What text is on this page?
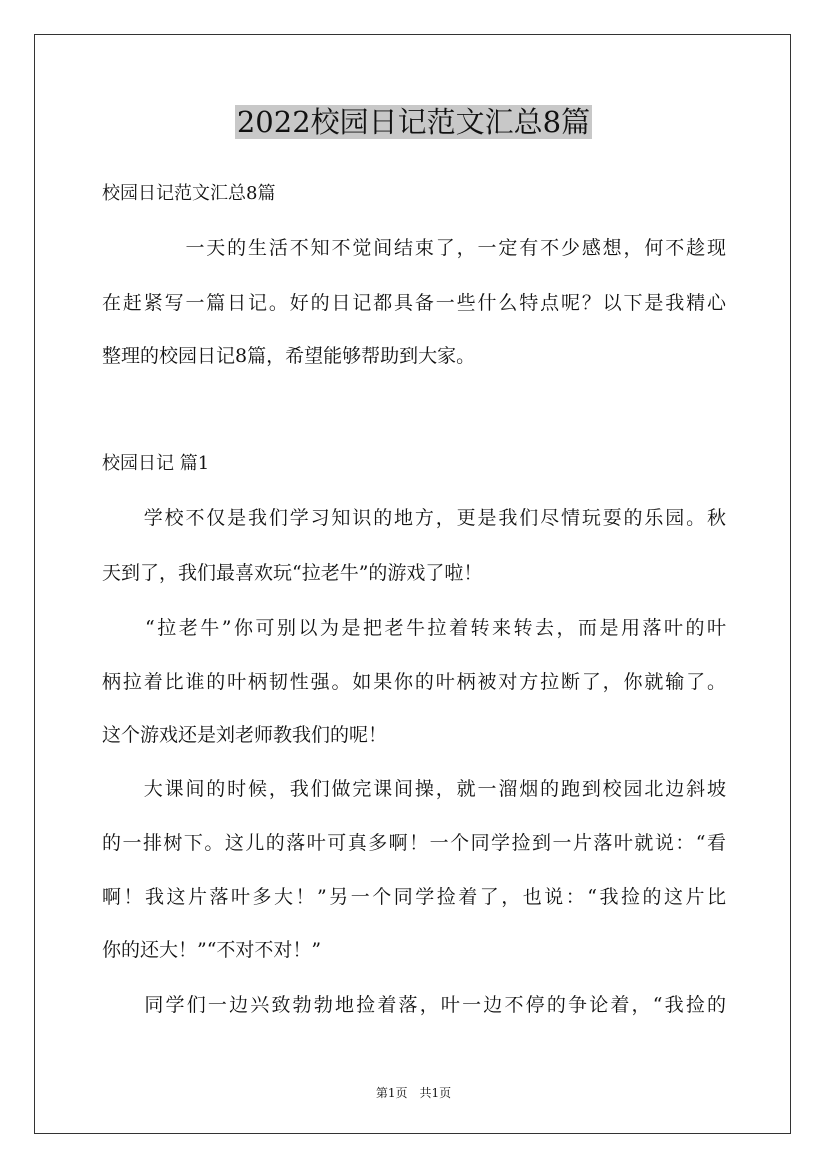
2022校园日记范文汇总8篇
校园日记范文汇总8篇
　　　　一天的生活不知不觉间结束了，一定有不少感想，何不趁现
在赶紧写一篇日记。好的日记都具备一些什么特点呢？以下是我精心
整理的校园日记8篇，希望能够帮助到大家。
校园日记 篇1
　　学校不仅是我们学习知识的地方，更是我们尽情玩耍的乐园。秋
天到了，我们最喜欢玩“拉老牛”的游戏了啦！
　　“拉老牛”你可别以为是把老牛拉着转来转去，而是用落叶的叶
柄拉着比谁的叶柄韧性强。如果你的叶柄被对方拉断了，你就输了。
这个游戏还是刘老师教我们的呢！
　　大课间的时候，我们做完课间操，就一溜烟的跑到校园北边斜坡
的一排树下。这儿的落叶可真多啊！一个同学捡到一片落叶就说：“看
啊！我这片落叶多大！”另一个同学捡着了，也说：“我捡的这片比
你的还大！”“不对不对！”
　　同学们一边兴致勃勃地捡着落，叶一边不停的争论着，“我捡的
第1页　共1页
